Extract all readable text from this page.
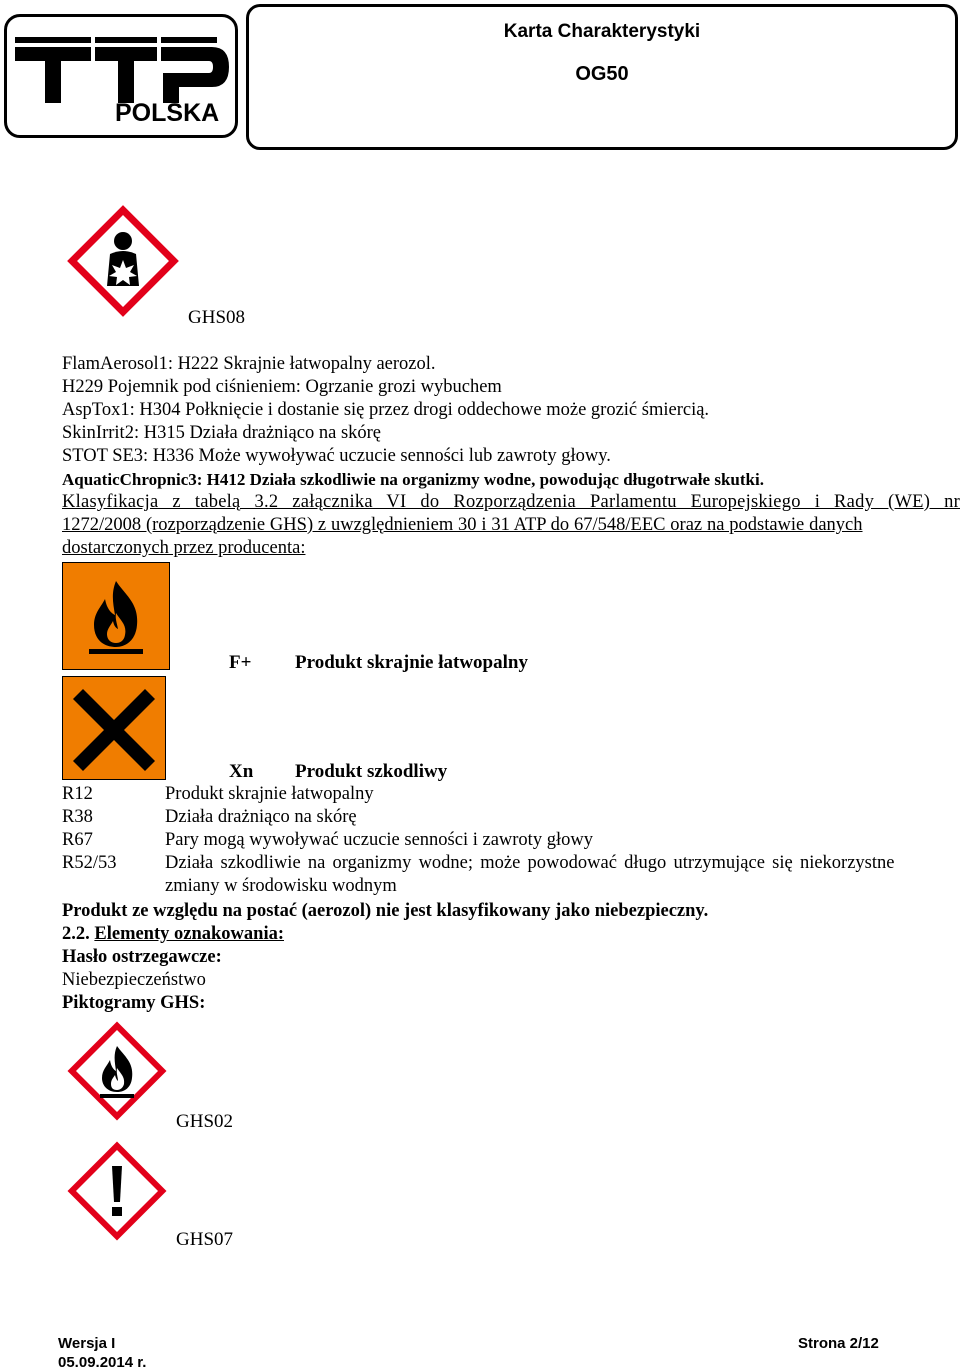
POLSKA
Karta Charakterystyki
OG50
GHS08
FlamAerosol1: H222 Skrajnie łatwopalny aerozol.
H229 Pojemnik pod ciśnieniem: Ogrzanie grozi wybuchem
AspTox1: H304 Połknięcie i dostanie się przez drogi oddechowe może grozić śmiercią.
SkinIrrit2: H315 Działa drażniąco na skórę
STOT SE3: H336 Może wywoływać uczucie senności lub zawroty głowy.
AquaticChropnic3: H412 Działa szkodliwie na organizmy wodne, powodując długotrwałe skutki.
Klasyfikacja z tabelą 3.2 załącznika VI do Rozporządzenia Parlamentu Europejskiego i Rady (WE) nr
1272/2008 (rozporządzenie GHS) z uwzględnieniem 30 i 31 ATP do 67/548/EEC oraz na podstawie danych
dostarczonych przez producenta:
F+ Produkt skrajnie łatwopalny
Xn Produkt szkodliwy
R12	Produkt skrajnie łatwopalny
R38	Działa drażniąco na skórę
R67	Pary mogą wywoływać uczucie senności i zawroty głowy
R52/53	Działa szkodliwie na organizmy wodne; może powodować długo utrzymujące się niekorzystne
zmiany w środowisku wodnym
Produkt ze względu na postać (aerozol) nie jest klasyfikowany jako niebezpieczny.
2.2. Elementy oznakowania:
Hasło ostrzegawcze:
Niebezpieczeństwo
Piktogramy GHS:
GHS02
GHS07
Wersja I
05.09.2014 r.
Strona 2/12
